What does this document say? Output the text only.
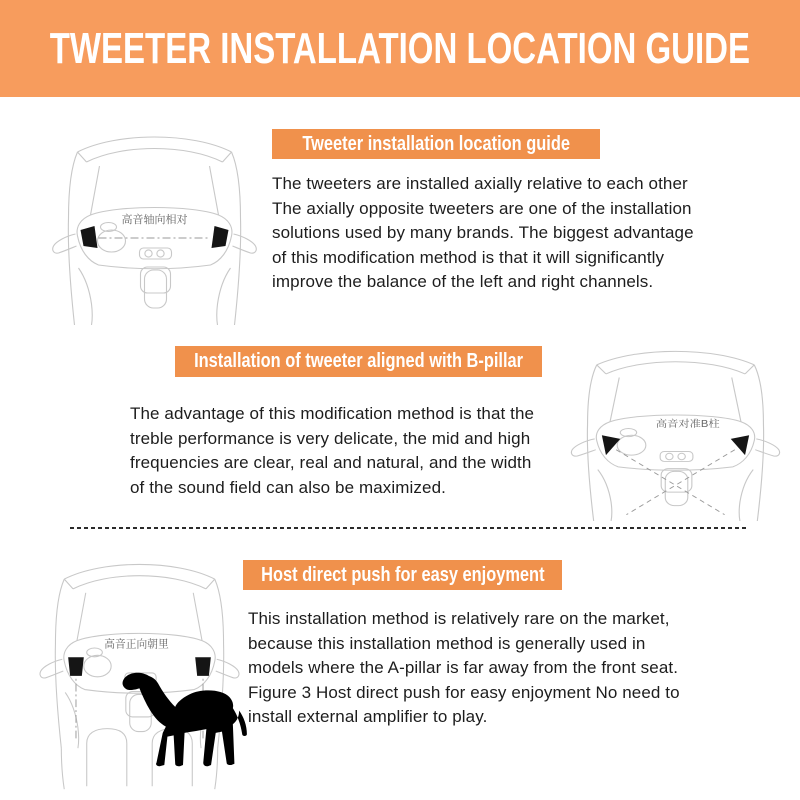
TWEETER INSTALLATION LOCATION GUIDE
高音轴向相对
Tweeter installation location guide
The tweeters are installed axially relative to each other
The axially opposite tweeters are one of the installation
solutions used by many brands. The biggest advantage
of this modification method is that it will significantly
improve the balance of the left and right channels.
Installation of tweeter aligned with B-pillar
The advantage of this modification method is that the
treble performance is very delicate, the mid and high
frequencies are clear, real and natural, and the width
of the sound field can also be maximized.
高音对准B柱
高音正向朝里
Host direct push for easy enjoyment
This installation method is relatively rare on the market,
because this installation method is generally used in
models where the A-pillar is far away from the front seat.
Figure 3 Host direct push for easy enjoyment No need to
install external amplifier to play.
